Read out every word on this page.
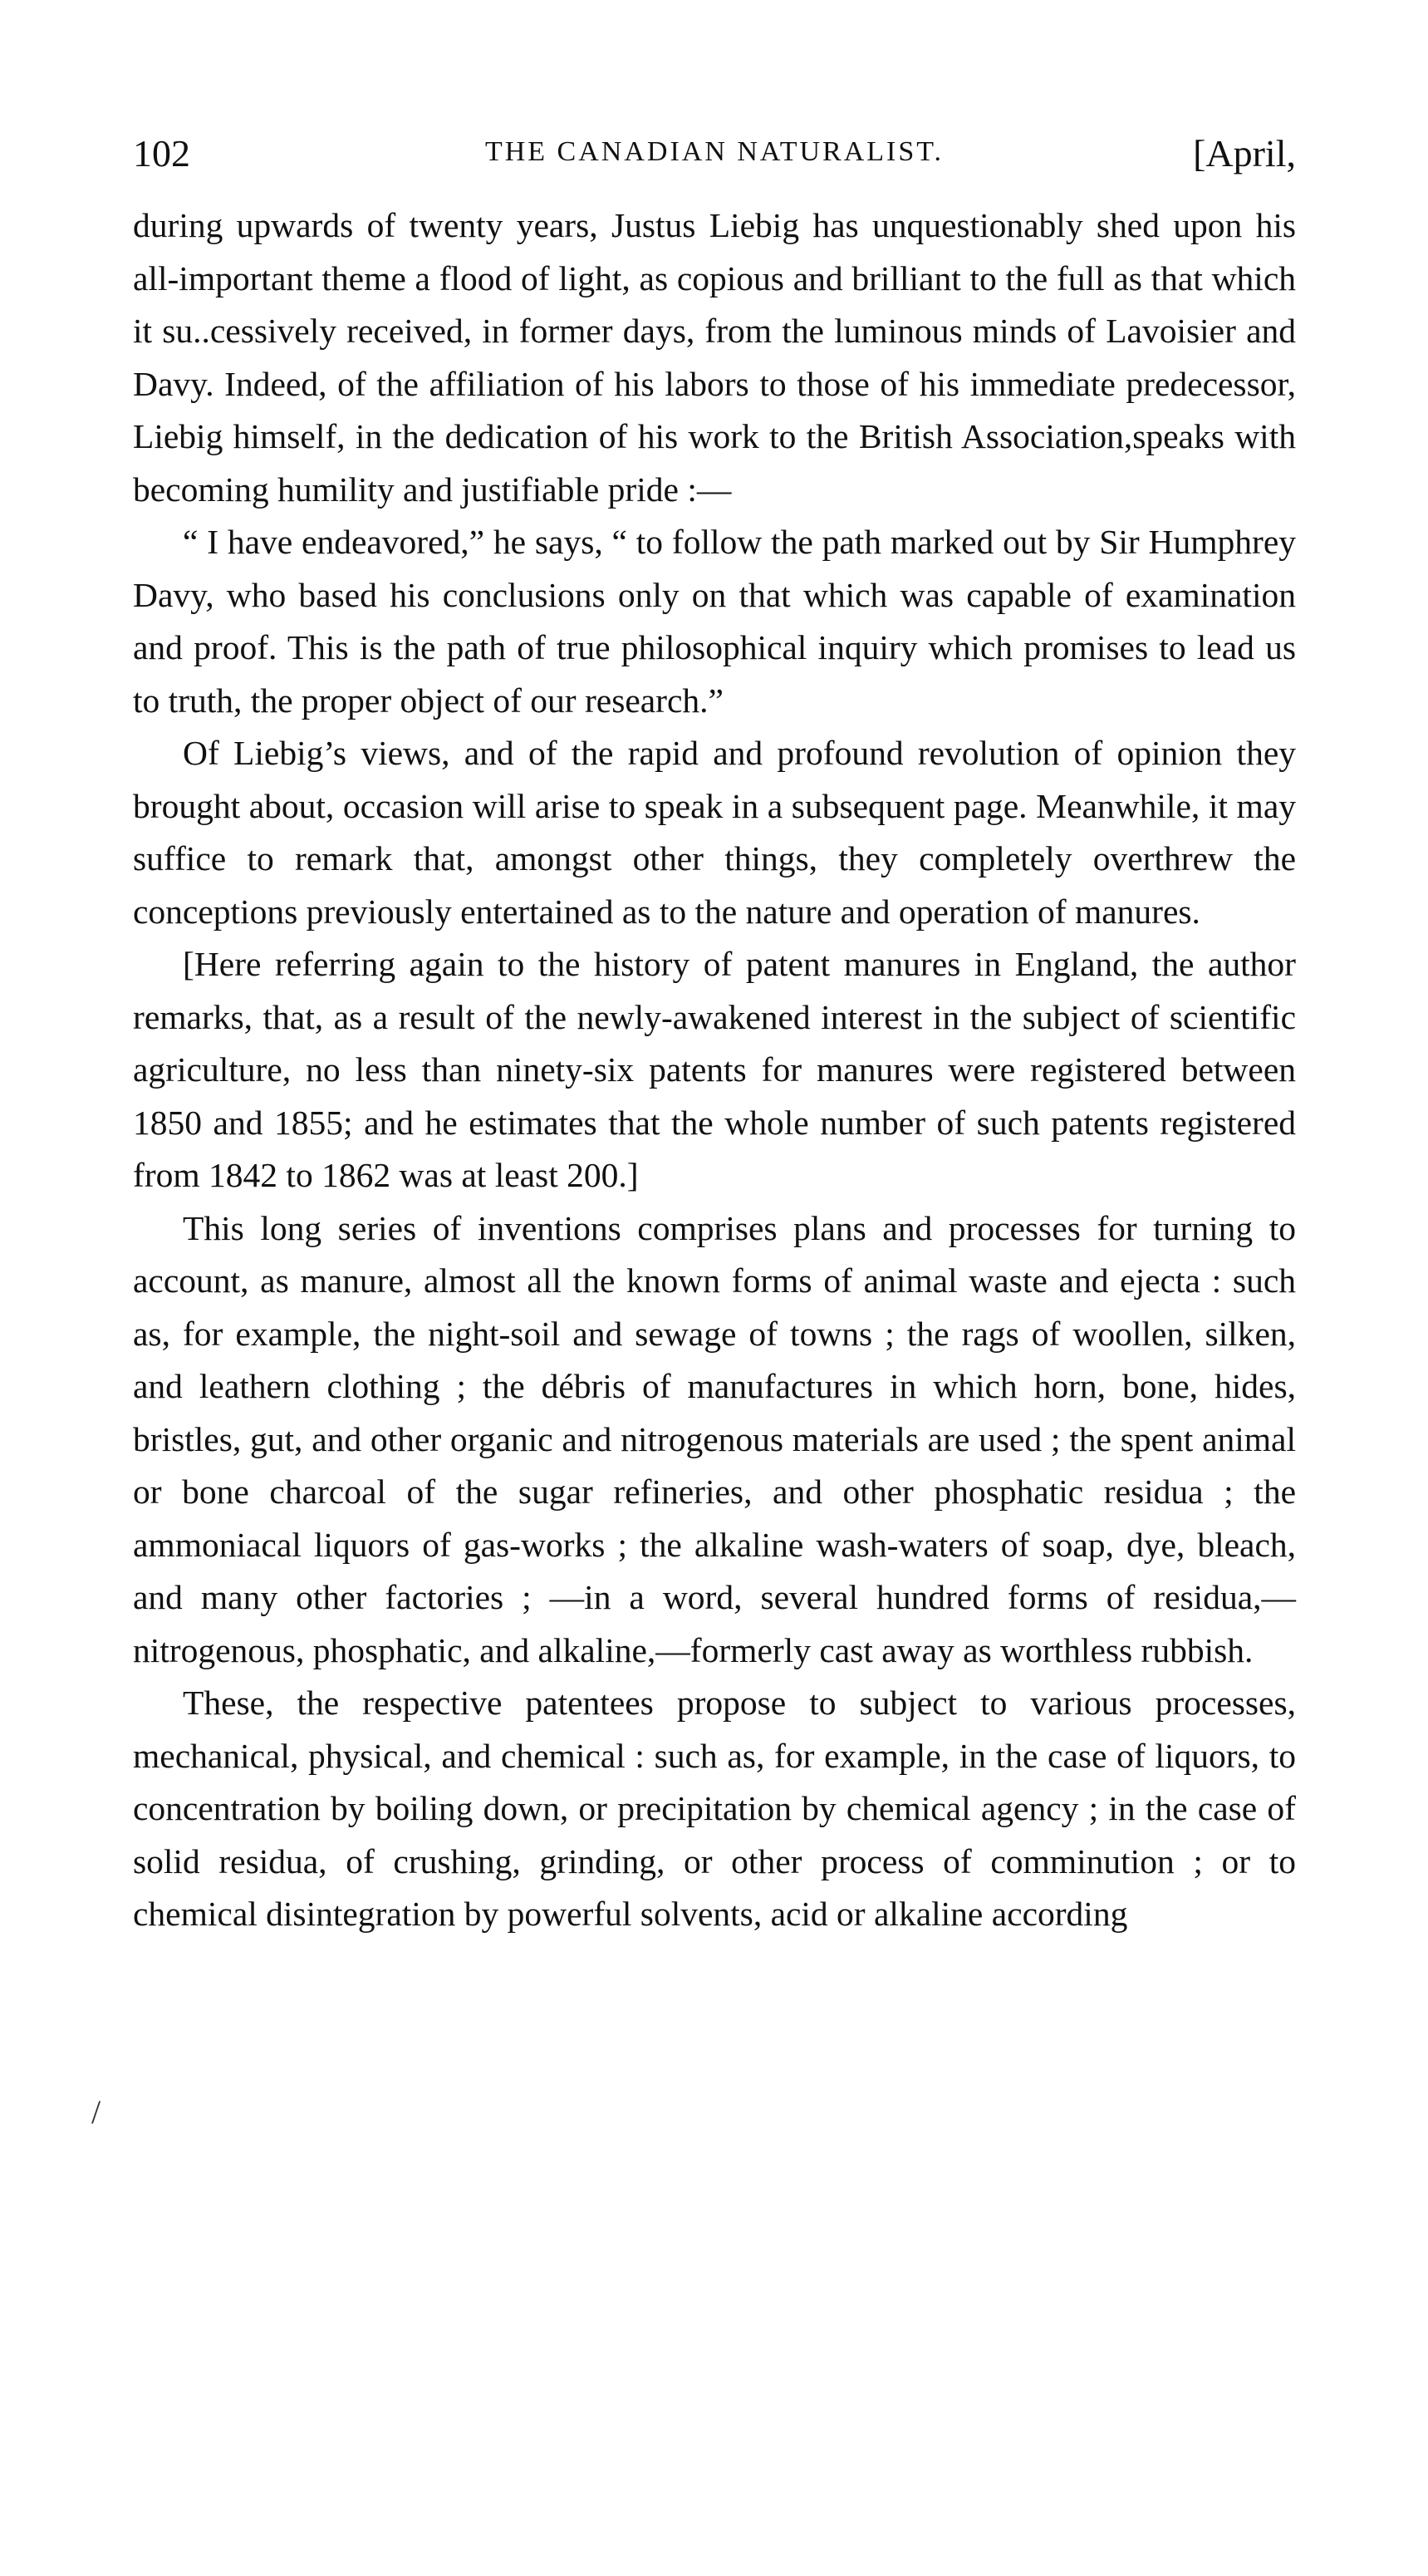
102	THE CANADIAN NATURALIST.	[April,

during upwards of twenty years, Justus Liebig has unquestionably shed upon his all-important theme a flood of light, as copious and brilliant to the full as that which it su..cessively received, in former days, from the luminous minds of Lavoisier and Davy. Indeed, of the affiliation of his labors to those of his immediate predecessor, Liebig himself, in the dedication of his work to the British Association,speaks with becoming humility and justifiable pride :—

“ I have endeavored,” he says, “ to follow the path marked out by Sir Humphrey Davy, who based his conclusions only on that which was capable of examination and proof. This is the path of true philosophical inquiry which promises to lead us to truth, the proper object of our research.”

Of Liebig’s views, and of the rapid and profound revolution of opinion they brought about, occasion will arise to speak in a subsequent page. Meanwhile, it may suffice to remark that, amongst other things, they completely overthrew the conceptions previously entertained as to the nature and operation of manures.

[Here referring again to the history of patent manures in England, the author remarks, that, as a result of the newly-awakened interest in the subject of scientific agriculture, no less than ninety-six patents for manures were registered between 1850 and 1855; and he estimates that the whole number of such patents registered from 1842 to 1862 was at least 200.]

This long series of inventions comprises plans and processes for turning to account, as manure, almost all the known forms of animal waste and ejecta : such as, for example, the night-soil and sewage of towns ; the rags of woollen, silken, and leathern clothing ; the débris of manufactures in which horn, bone, hides, bristles, gut, and other organic and nitrogenous materials are used ; the spent animal or bone charcoal of the sugar refineries, and other phosphatic residua ; the ammoniacal liquors of gas-works ; the alkaline wash-waters of soap, dye, bleach, and many other factories ; —in a word, several hundred forms of residua,—nitrogenous, phosphatic, and alkaline,—formerly cast away as worthless rubbish.

These, the respective patentees propose to subject to various processes, mechanical, physical, and chemical : such as, for example, in the case of liquors, to concentration by boiling down, or precipitation by chemical agency ; in the case of solid residua, of crushing, grinding, or other process of comminution ; or to chemical disintegration by powerful solvents, acid or alkaline according

/
